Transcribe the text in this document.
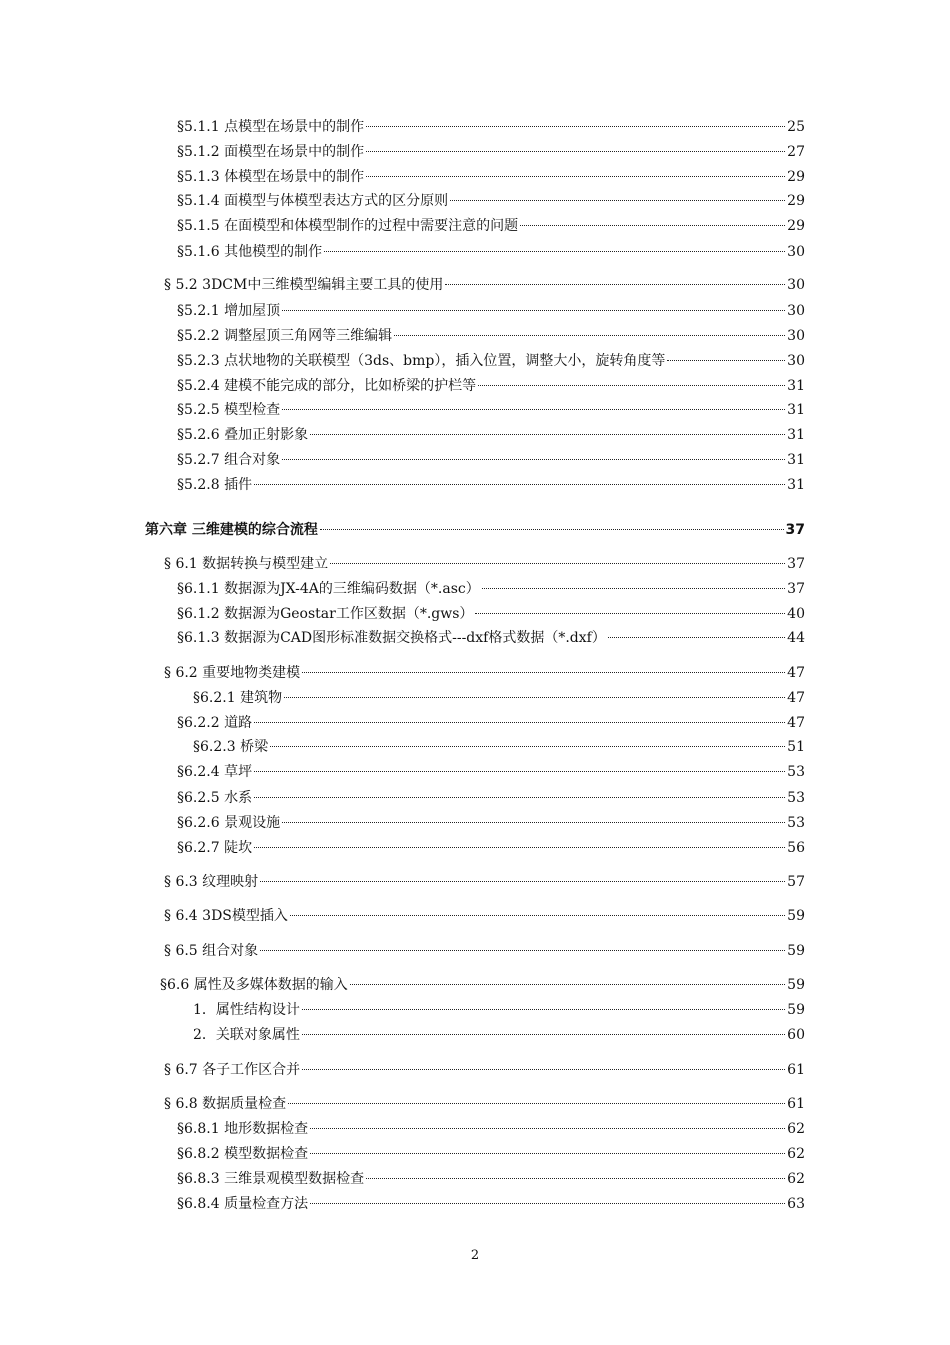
§5.1.1 点模型在场景中的制作	25
§5.1.2 面模型在场景中的制作	27
§5.1.3 体模型在场景中的制作	29
§5.1.4 面模型与体模型表达方式的区分原则	29
§5.1.5 在面模型和体模型制作的过程中需要注意的问题	29
§5.1.6 其他模型的制作	30
§ 5.2 3DCM中三维模型编辑主要工具的使用	30
§5.2.1 增加屋顶	30
§5.2.2 调整屋顶三角网等三维编辑	30
§5.2.3 点状地物的关联模型（3ds、bmp），插入位置，调整大小，旋转角度等	30
§5.2.4 建模不能完成的部分，比如桥梁的护栏等	31
§5.2.5 模型检查	31
§5.2.6 叠加正射影象	31
§5.2.7 组合对象	31
§5.2.8 插件	31
第六章 三维建模的综合流程	37
§ 6.1 数据转换与模型建立	37
§6.1.1 数据源为JX-4A的三维编码数据（*.asc）	37
§6.1.2 数据源为Geostar工作区数据（*.gws）	40
§6.1.3 数据源为CAD图形标准数据交换格式---dxf格式数据（*.dxf）	44
§ 6.2 重要地物类建模	47
§6.2.1 建筑物	47
§6.2.2 道路	47
§6.2.3 桥梁	51
§6.2.4 草坪	53
§6.2.5 水系	53
§6.2.6 景观设施	53
§6.2.7 陡坎	56
§ 6.3 纹理映射	57
§ 6.4 3DS模型插入	59
§ 6.5 组合对象	59
§6.6 属性及多媒体数据的输入	59
1．属性结构设计	59
2．关联对象属性	60
§ 6.7 各子工作区合并	61
§ 6.8 数据质量检查	61
§6.8.1 地形数据检查	62
§6.8.2 模型数据检查	62
§6.8.3 三维景观模型数据检查	62
§6.8.4 质量检查方法	63
2
